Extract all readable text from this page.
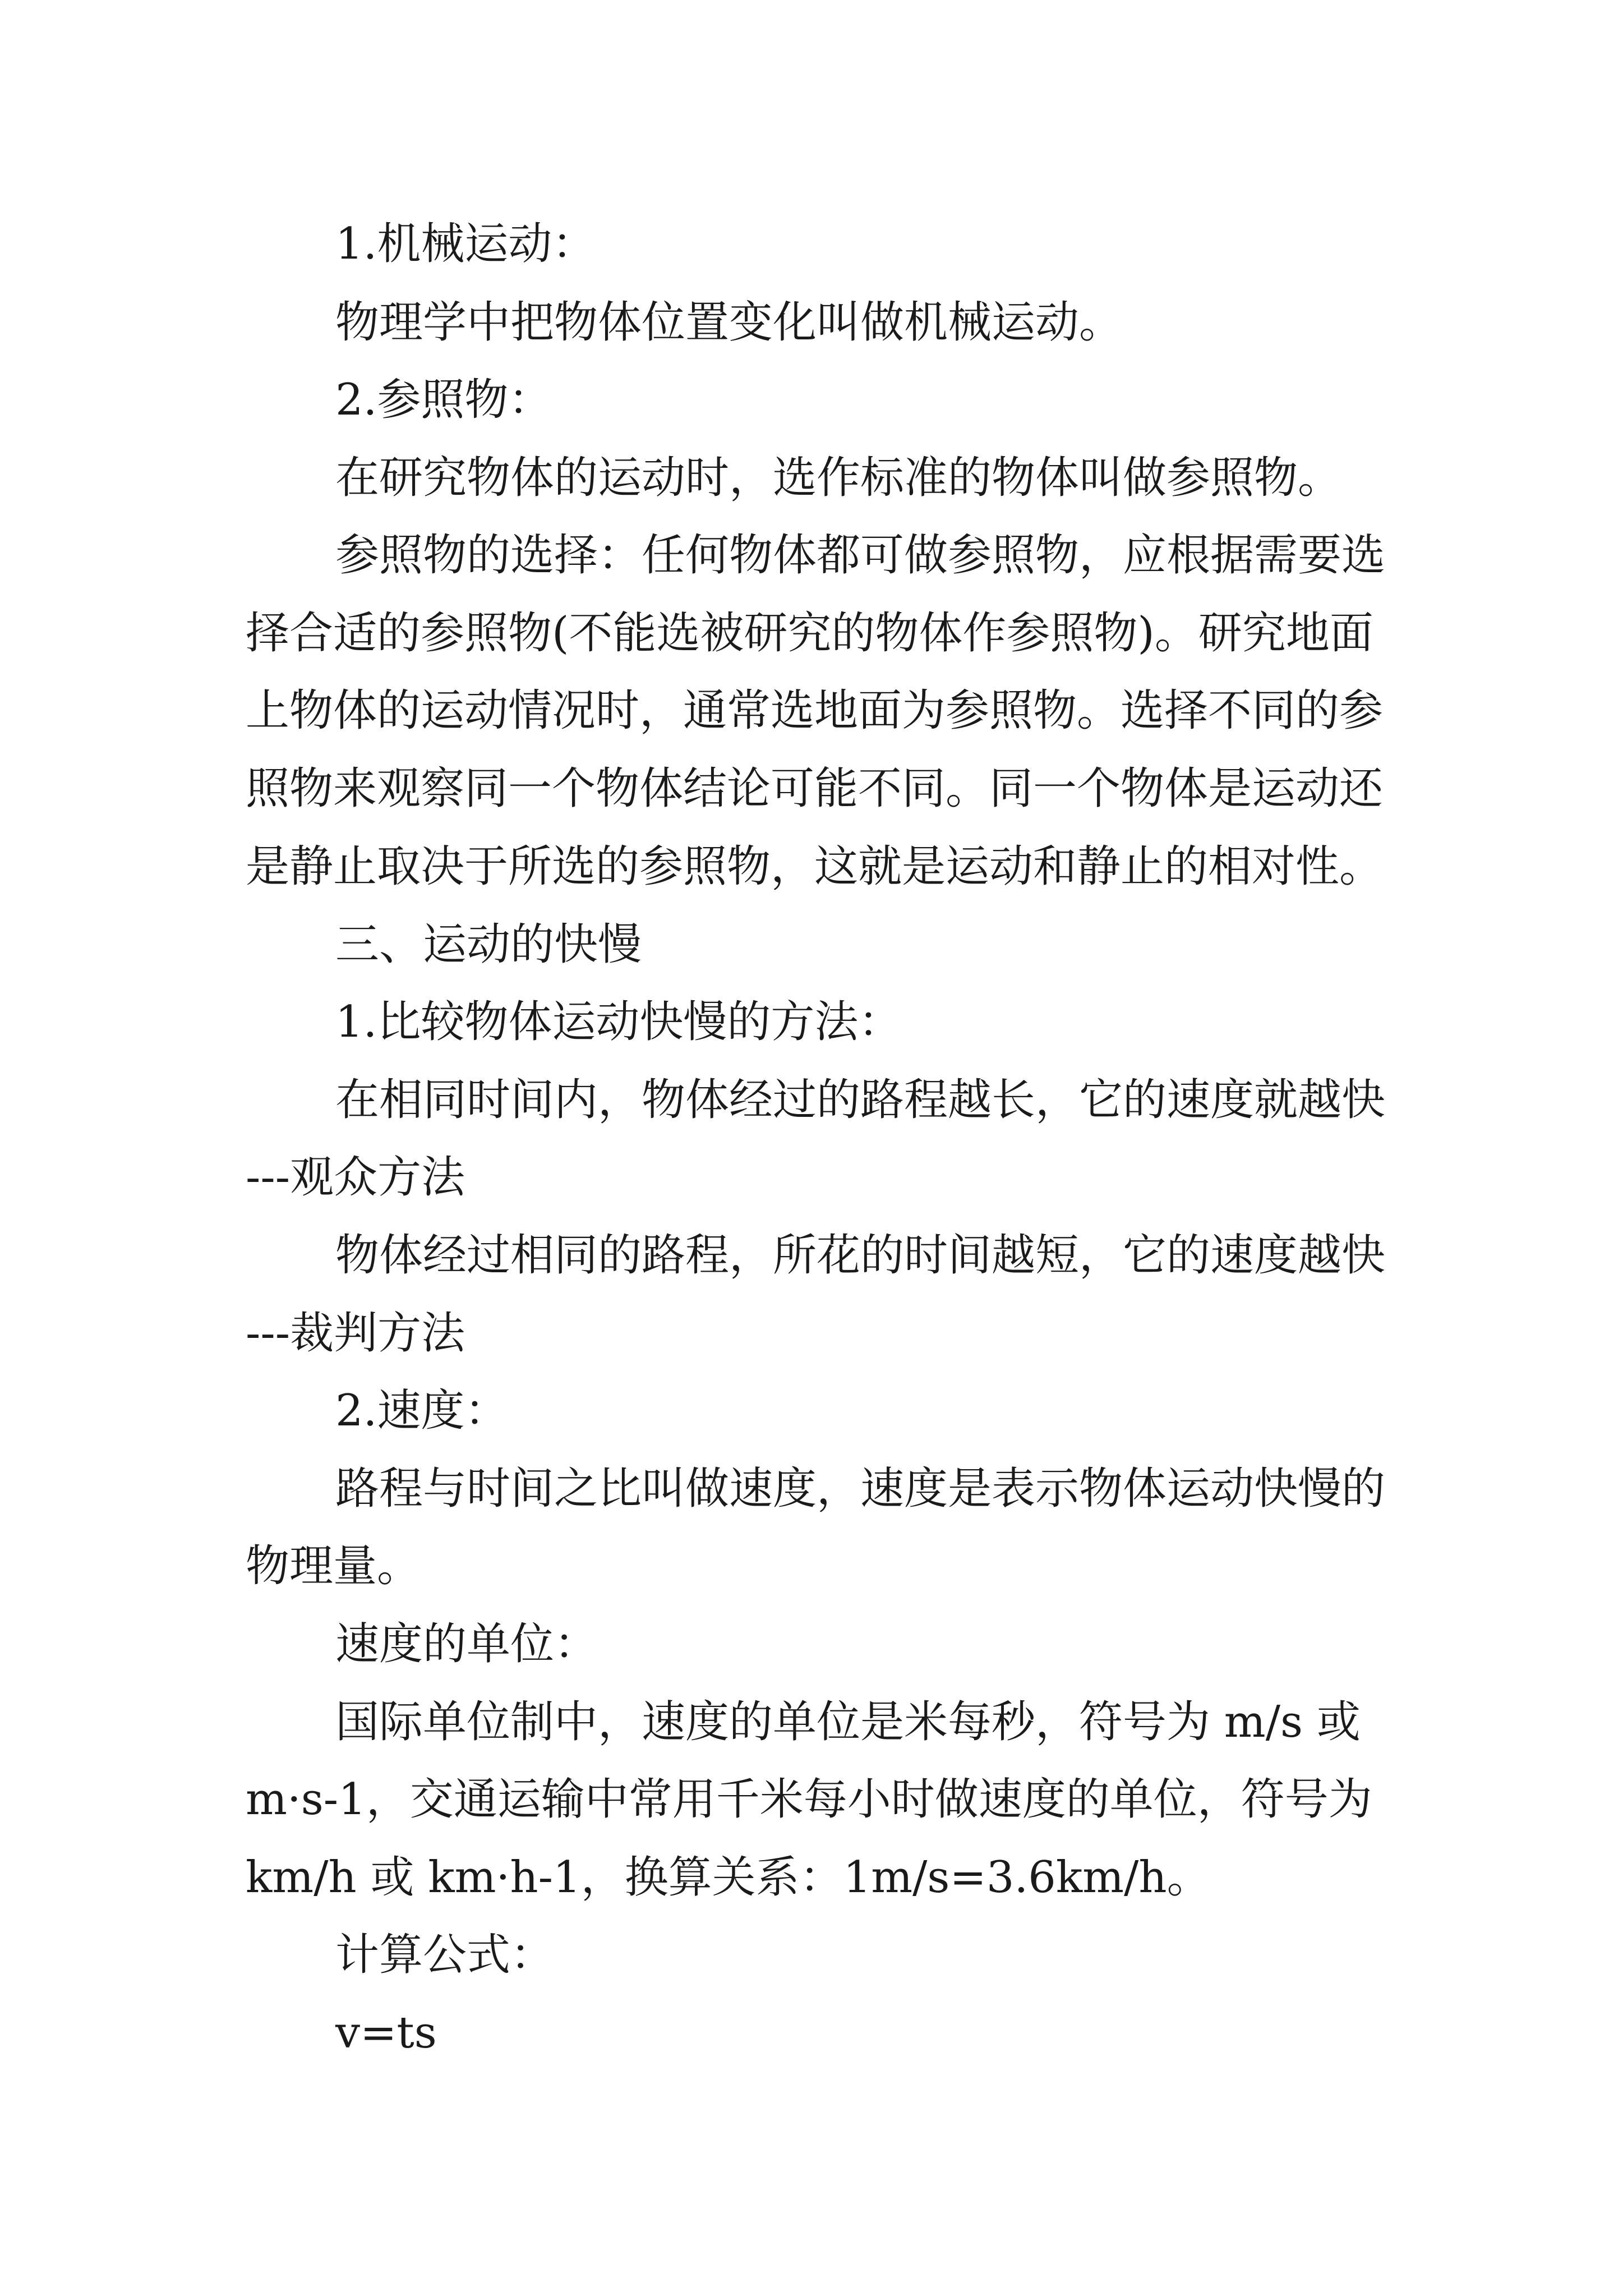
1.机械运动：
物理学中把物体位置变化叫做机械运动。
2.参照物：
在研究物体的运动时，选作标准的物体叫做参照物。
参照物的选择：任何物体都可做参照物，应根据需要选
择合适的参照物(不能选被研究的物体作参照物)。研究地面
上物体的运动情况时，通常选地面为参照物。选择不同的参
照物来观察同一个物体结论可能不同。同一个物体是运动还
是静止取决于所选的参照物，这就是运动和静止的相对性。
三、运动的快慢
1.比较物体运动快慢的方法：
在相同时间内，物体经过的路程越长，它的速度就越快
---观众方法
物体经过相同的路程，所花的时间越短，它的速度越快
---裁判方法
2.速度：
路程与时间之比叫做速度，速度是表示物体运动快慢的
物理量。
速度的单位：
国际单位制中，速度的单位是米每秒，符号为 m/s 或
m·s-1，交通运输中常用千米每小时做速度的单位，符号为
km/h 或 km·h-1，换算关系：1m/s=3.6km/h。
计算公式：
v=ts
